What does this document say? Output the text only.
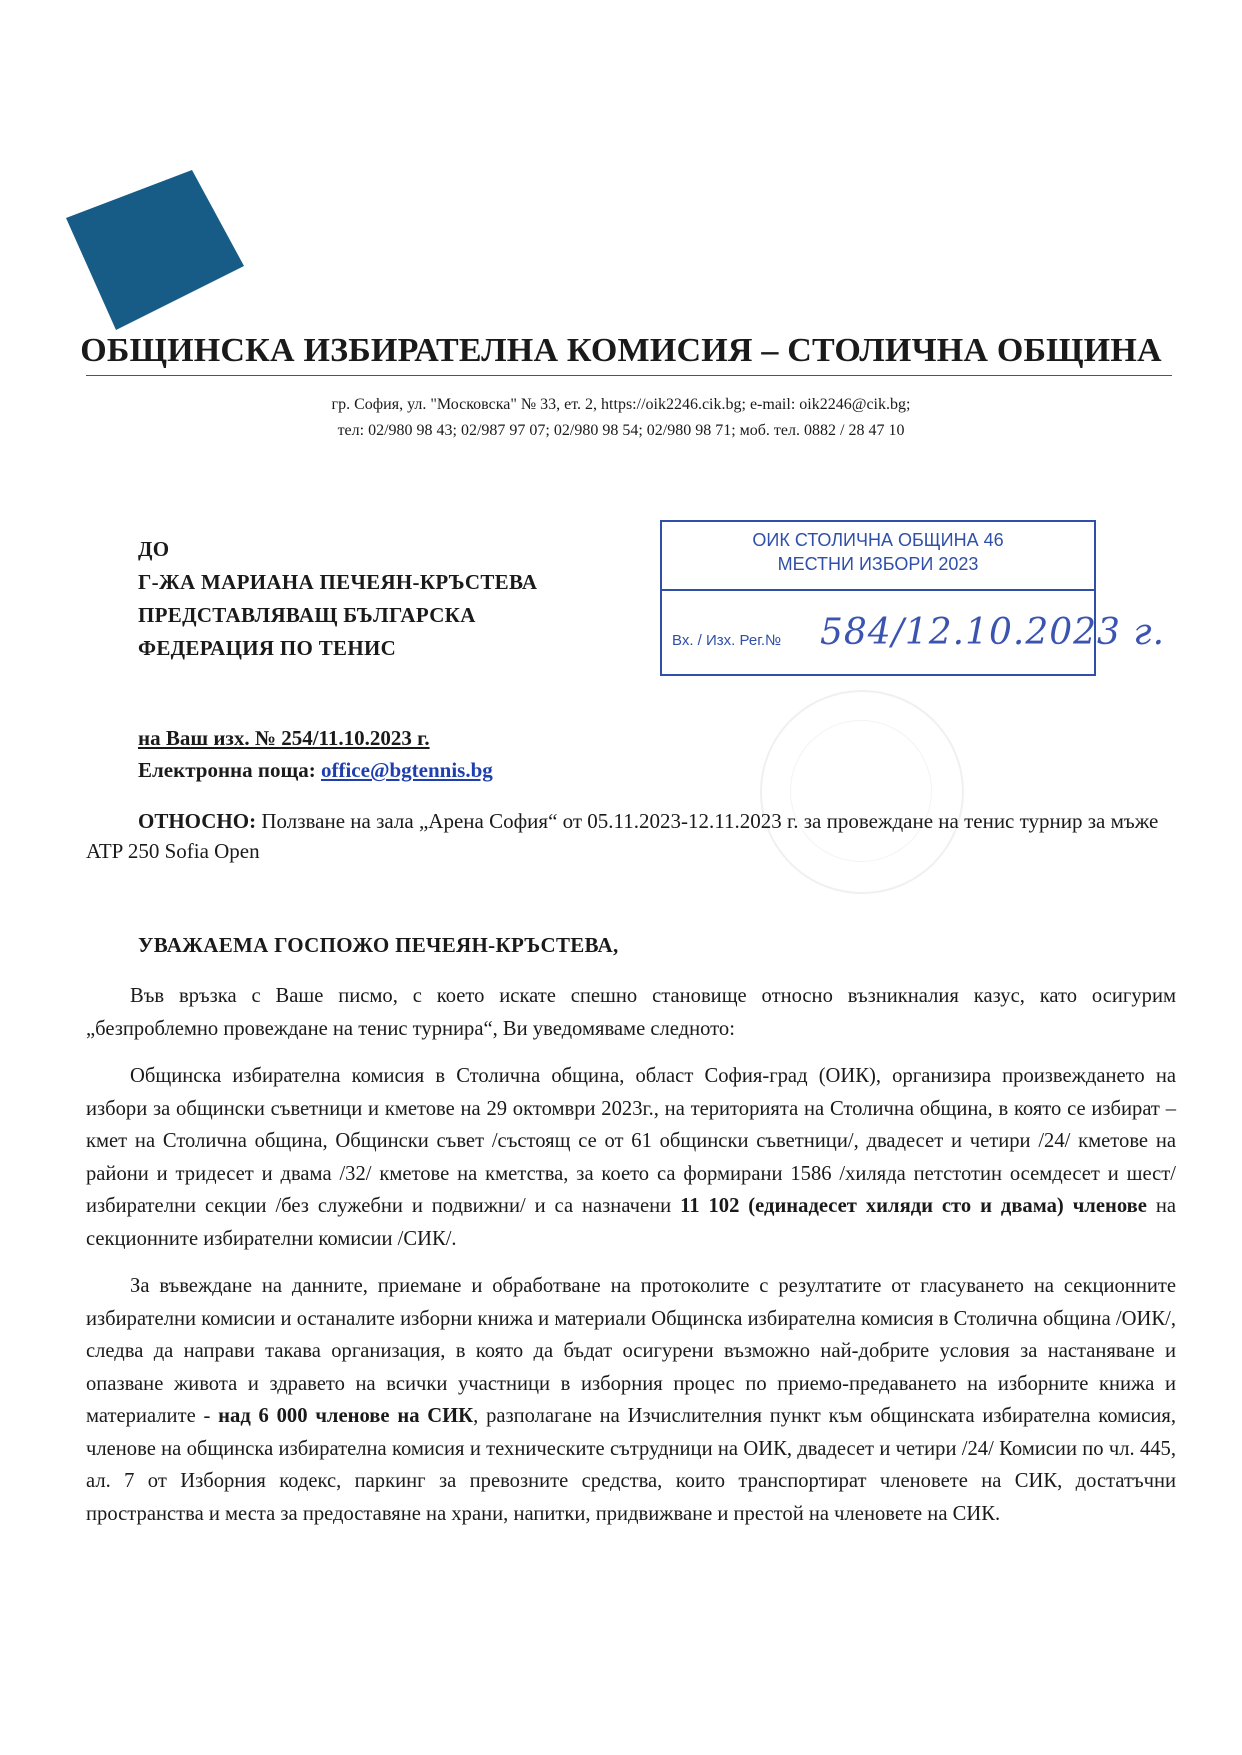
ОБЩИНСКА ИЗБИРАТЕЛНА КОМИСИЯ – СТОЛИЧНА ОБЩИНА
гр. София, ул. "Московска" № 33, ет. 2, https://oik2246.cik.bg; e-mail: oik2246@cik.bg;
тел: 02/980 98 43; 02/987 97 07; 02/980 98 54; 02/980 98 71; моб. тел. 0882 / 28 47 10
ДО
Г-ЖА МАРИАНА ПЕЧЕЯН-КРЪСТЕВА
ПРЕДСТАВЛЯВАЩ БЪЛГАРСКА
ФЕДЕРАЦИЯ ПО ТЕНИС
ОИК СТОЛИЧНА ОБЩИНА 46
МЕСТНИ ИЗБОРИ 2023
Вх. / Изх. Рег.№ 584/12.10.2023 г.
на Ваш изх. № 254/11.10.2023 г.
Електронна поща: office@bgtennis.bg

ОТНОСНО: Ползване на зала „Арена София“ от 05.11.2023-12.11.2023 г. за провеждане на тенис турнир за мъже ATP 250 Sofia Open

УВАЖАЕМА ГОСПОЖО ПЕЧЕЯН-КРЪСТЕВА,

Във връзка с Ваше писмо, с което искате спешно становище относно възникналия казус, като осигурим „безпроблемно провеждане на тенис турнира“, Ви уведомяваме следното:

Общинска избирателна комисия в Столична община, област София-град (ОИК), организира произвеждането на избори за общински съветници и кметове на 29 октомври 2023г., на територията на Столична община, в която се избират – кмет на Столична община, Общински съвет /състоящ се от 61 общински съветници/, двадесет и четири /24/ кметове на райони и тридесет и двама /32/ кметове на кметства, за което са формирани 1586 /хиляда петстотин осемдесет и шест/ избирателни секции /без служебни и подвижни/ и са назначени 11 102 (единадесет хиляди сто и двама) членове на секционните избирателни комисии /СИК/.

За въвеждане на данните, приемане и обработване на протоколите с резултатите от гласуването на секционните избирателни комисии и останалите изборни книжа и материали Общинска избирателна комисия в Столична община /ОИК/, следва да направи такава организация, в която да бъдат осигурени възможно най-добрите условия за настаняване и опазване живота и здравето на всички участници в изборния процес по приемо-предаването на изборните книжа и материалите - над 6 000 членове на СИК, разполагане на Изчислителния пункт към общинската избирателна комисия, членове на общинска избирателна комисия и техническите сътрудници на ОИК, двадесет и четири /24/ Комисии по чл. 445, ал. 7 от Изборния кодекс, паркинг за превозните средства, които транспортират членовете на СИК, достатъчни пространства и места за предоставяне на храни, напитки, придвижване и престой на членовете на СИК.
